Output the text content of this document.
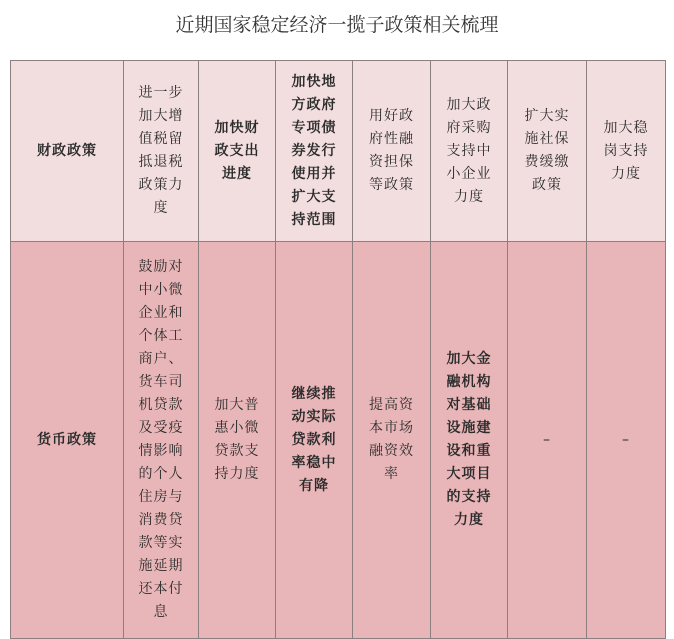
近期国家稳定经济一揽子政策相关梳理
财政政策	进一步加大增值税留抵退税政策力度	加快财政支出进度	加快地方政府专项债券发行使用并扩大支持范围	用好政府性融资担保等政策	加大政府采购支持中小企业力度	扩大实施社保费缓缴政策	加大稳岗支持力度
货币政策	鼓励对中小微企业和个体工商户、货车司机贷款及受疫情影响的个人住房与消费贷款等实施延期还本付息	加大普惠小微贷款支持力度	继续推动实际贷款利率稳中有降	提高资本市场融资效率	加大金融机构对基础设施建设和重大项目的支持力度	–	–
